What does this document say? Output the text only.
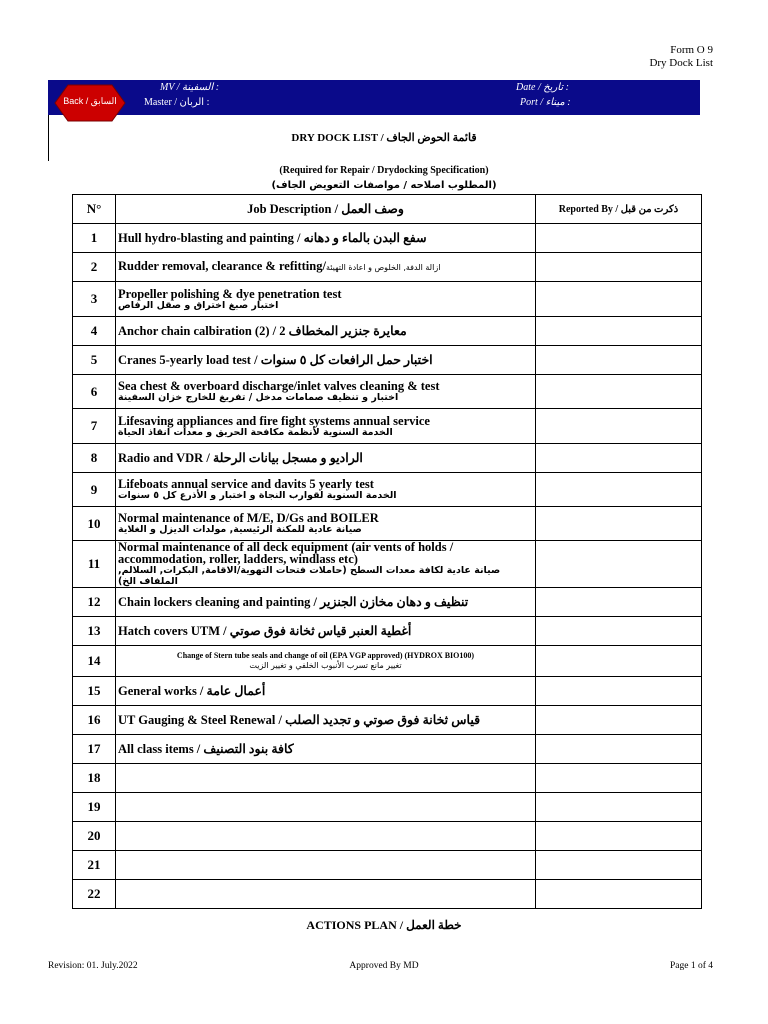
Form O 9
Dry Dock List
MV / السفينة :
Master / الربان :
Date / تاريخ :
Port / ميناء :
Back / السابق
DRY DOCK LIST / قائمة الحوض الجاف
(Required for Repair / Drydocking Specification)
(المطلوب اصلاحه / مواصفات التعويض الجاف)
N°	Job Description / وصف العمل	Reported By / ذكرت من قبل
1	Hull hydro-blasting and painting / سفع البدن بالماء و دهانه	

2	Rudder removal, clearance & refitting/ازالة الدفة, الخلوص و اعادة التهيئة	
3	Propeller polishing & dye penetration test
اختبار صبغ اختراق و صقل الرفاص	

4	Anchor chain calbiration (2) / 2 معايرة جنزير المخطاف	

5	Cranes 5-yearly load test / اختبار حمل الرافعات كل ٥ سنوات	

6	Sea chest & overboard discharge/inlet valves cleaning & test
اختبار و تنظيف صمامات مدخل / تفريغ للخارج خزان السفينة	

7	Lifesaving appliances and fire fight systems annual service
الخدمة السنوية لأنظمة مكافحة الحريق و معدات انقاذ الحياة	

8	Radio and VDR / الراديو و مسجل بيانات الرحلة	

9	Lifeboats annual service and davits 5 yearly test
الخدمة السنوية لقوارب النجاة و اختبار و الأذرع كل ٥ سنوات	

10	Normal maintenance of M/E, D/Gs and BOILER
صيانة عادية للمكنة الرئيسية, مولدات الديزل و الغلاية	

11	Normal maintenance of all deck equipment (air vents of holds / accommodation, roller, ladders, windlass etc)
صيانة عادية لكافة معدات السطح (حاملات فتحات التهوية/الاقامة, البكرات, السلالم, الملفاف الخ)	

12	Chain lockers cleaning and painting / تنظيف و دهان مخازن الجنزير	

13	Hatch covers UTM / أغطية العنبر قياس ثخانة فوق صوتي	

14	Change of Stern tube seals and change of oil (EPA VGP approved) (HYDROX BIO100)
تغيير مانع تسرب الأنبوب الخلفي و تغيير الزيت	

15	General works / أعمال عامة	

16	UT Gauging & Steel Renewal / قياس ثخانة فوق صوتي و تجديد الصلب	

17	All class items / كافة بنود التصنيف	

18	

19	

20	

21	

22	

ACTIONS PLAN / خطة العمل
Revision: 01. July.2022	Approved By MD	Page 1 of 4
